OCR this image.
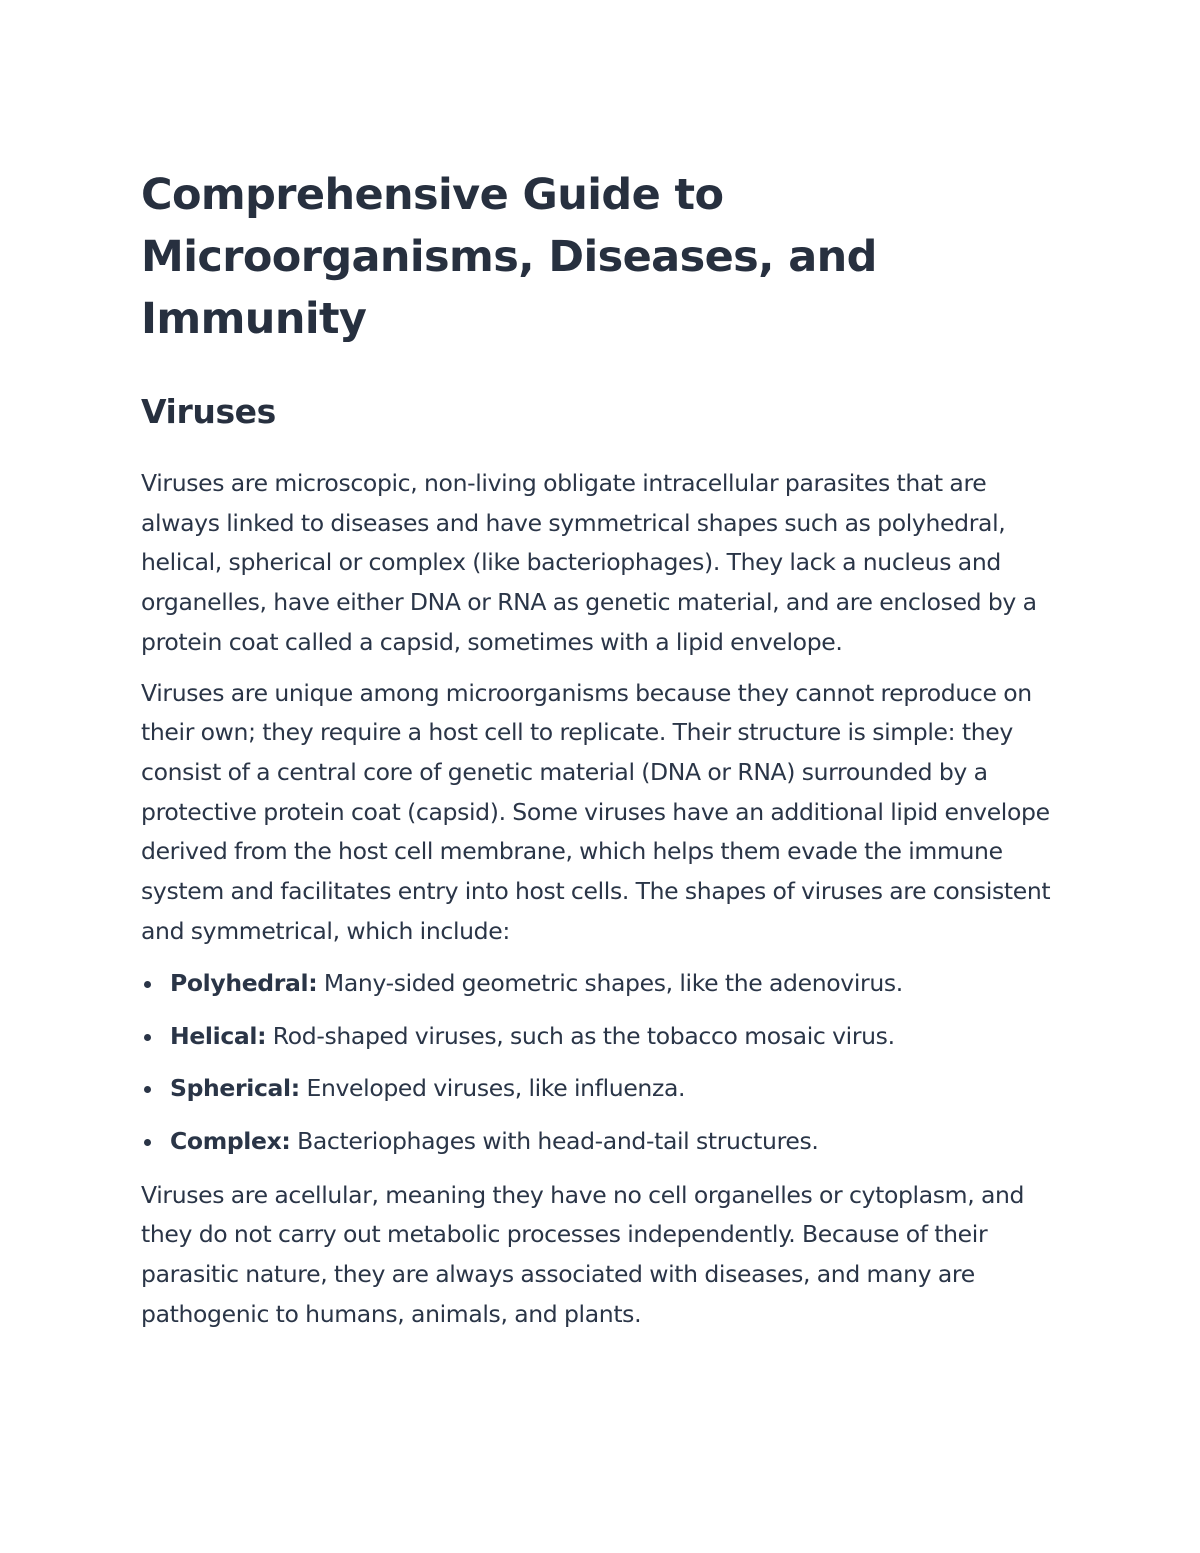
Comprehensive Guide to Microorganisms, Diseases, and Immunity
Viruses

Viruses are microscopic, non-living obligate intracellular parasites that are always linked to diseases and have symmetrical shapes such as polyhedral, helical, spherical or complex (like bacteriophages). They lack a nucleus and organelles, have either DNA or RNA as genetic material, and are enclosed by a protein coat called a capsid, sometimes with a lipid envelope.

Viruses are unique among microorganisms because they cannot reproduce on their own; they require a host cell to replicate. Their structure is simple: they consist of a central core of genetic material (DNA or RNA) surrounded by a protective protein coat (capsid). Some viruses have an additional lipid envelope derived from the host cell membrane, which helps them evade the immune system and facilitates entry into host cells. The shapes of viruses are consistent and symmetrical, which include:

Polyhedral: Many-sided geometric shapes, like the adenovirus.
Helical: Rod-shaped viruses, such as the tobacco mosaic virus.
Spherical: Enveloped viruses, like influenza.
Complex: Bacteriophages with head-and-tail structures.

Viruses are acellular, meaning they have no cell organelles or cytoplasm, and they do not carry out metabolic processes independently. Because of their parasitic nature, they are always associated with diseases, and many are pathogenic to humans, animals, and plants.
